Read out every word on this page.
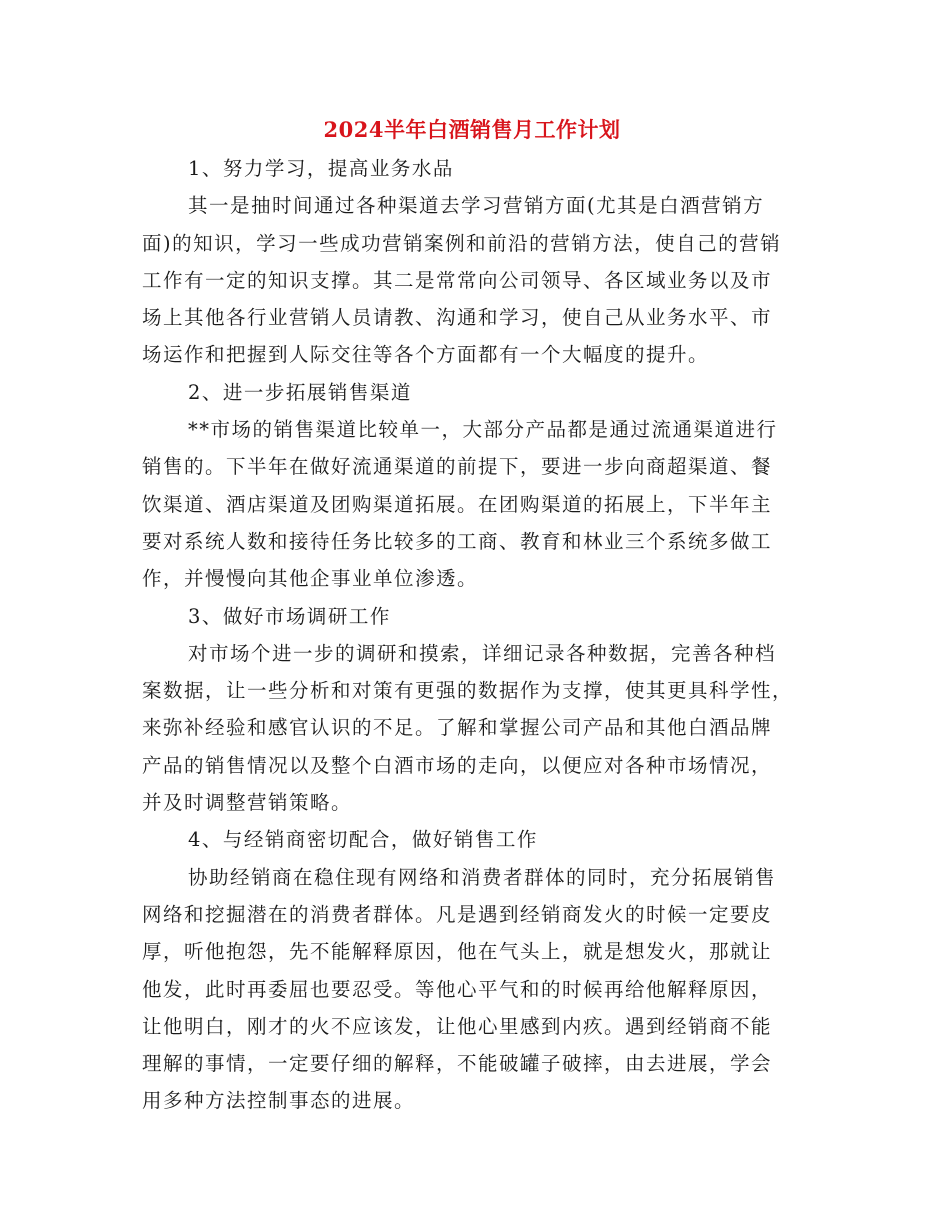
2024半年白酒销售月工作计划
1、努力学习，提高业务水品
其一是抽时间通过各种渠道去学习营销方面(尤其是白酒营销方
面)的知识，学习一些成功营销案例和前沿的营销方法，使自己的营销
工作有一定的知识支撑。其二是常常向公司领导、各区域业务以及市
场上其他各行业营销人员请教、沟通和学习，使自己从业务水平、市
场运作和把握到人际交往等各个方面都有一个大幅度的提升。
2、进一步拓展销售渠道
**市场的销售渠道比较单一，大部分产品都是通过流通渠道进行
销售的。下半年在做好流通渠道的前提下，要进一步向商超渠道、餐
饮渠道、酒店渠道及团购渠道拓展。在团购渠道的拓展上，下半年主
要对系统人数和接待任务比较多的工商、教育和林业三个系统多做工
作，并慢慢向其他企事业单位渗透。
3、做好市场调研工作
对市场个进一步的调研和摸索，详细记录各种数据，完善各种档
案数据，让一些分析和对策有更强的数据作为支撑，使其更具科学性，
来弥补经验和感官认识的不足。了解和掌握公司产品和其他白酒品牌
产品的销售情况以及整个白酒市场的走向，以便应对各种市场情况，
并及时调整营销策略。
4、与经销商密切配合，做好销售工作
协助经销商在稳住现有网络和消费者群体的同时，充分拓展销售
网络和挖掘潜在的消费者群体。凡是遇到经销商发火的时候一定要皮
厚，听他抱怨，先不能解释原因，他在气头上，就是想发火，那就让
他发，此时再委屈也要忍受。等他心平气和的时候再给他解释原因，
让他明白，刚才的火不应该发，让他心里感到内疚。遇到经销商不能
理解的事情，一定要仔细的解释，不能破罐子破摔，由去进展，学会
用多种方法控制事态的进展。
